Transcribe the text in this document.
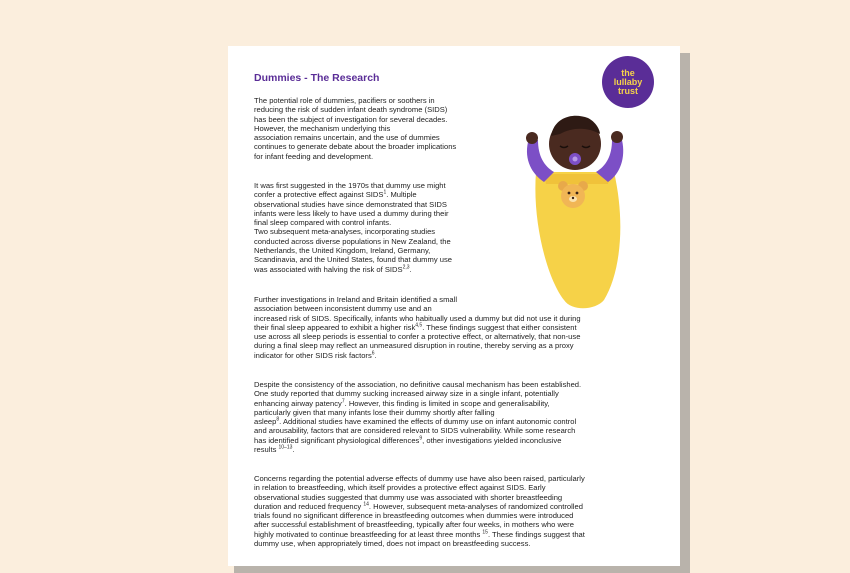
Dummies - The Research	the
lullaby
trust
The potential role of dummies, pacifiers or soothers in
reducing the risk of sudden infant death syndrome (SIDS)
has been the subject of investigation for several decades.
However, the mechanism underlying this
association remains uncertain, and the use of dummies
continues to generate debate about the broader implications
for infant feeding and development.
It was first suggested in the 1970s that dummy use might
confer a protective effect against SIDS$^1$. Multiple
observational studies have since demonstrated that SIDS
infants were less likely to have used a dummy during their
final sleep compared with control infants.
Two subsequent meta-analyses, incorporating studies
conducted across diverse populations in New Zealand, the
Netherlands, the United Kingdom, Ireland, Germany,
Scandinavia, and the United States, found that dummy use
was associated with halving the risk of SIDS$^{2,3}$.
Further investigations in Ireland and Britain identified a small
association between inconsistent dummy use and an
increased risk of SIDS. Specifically, infants who habitually used a dummy but did not use it during
their final sleep appeared to exhibit a higher risk$^{4,5}$. These findings suggest that either consistent
use across all sleep periods is essential to confer a protective effect, or alternatively, that non-use
during a final sleep may reflect an unmeasured disruption in routine, thereby serving as a proxy
indicator for other SIDS risk factors$^6$.
Despite the consistency of the association, no definitive causal mechanism has been established.
One study reported that dummy sucking increased airway size in a single infant, potentially
enhancing airway patency$^7$. However, this finding is limited in scope and generalisability,
particularly given that many infants lose their dummy shortly after falling
asleep$^8$. Additional studies have examined the effects of dummy use on infant autonomic control
and arousability, factors that are considered relevant to SIDS vulnerability. While some research
has identified significant physiological differences$^9$, other investigations yielded inconclusive
results $^{10-13}$.
Concerns regarding the potential adverse effects of dummy use have also been raised, particularly
in relation to breastfeeding, which itself provides a protective effect against SIDS. Early
observational studies suggested that dummy use was associated with shorter breastfeeding
duration and reduced frequency $^{14}$. However, subsequent meta-analyses of randomized controlled
trials found no significant difference in breastfeeding outcomes when dummies were introduced
after successful establishment of breastfeeding, typically after four weeks, in mothers who were
highly motivated to continue breastfeeding for at least three months $^{15}$. These findings suggest that
dummy use, when appropriately timed, does not impact on breastfeeding success.
